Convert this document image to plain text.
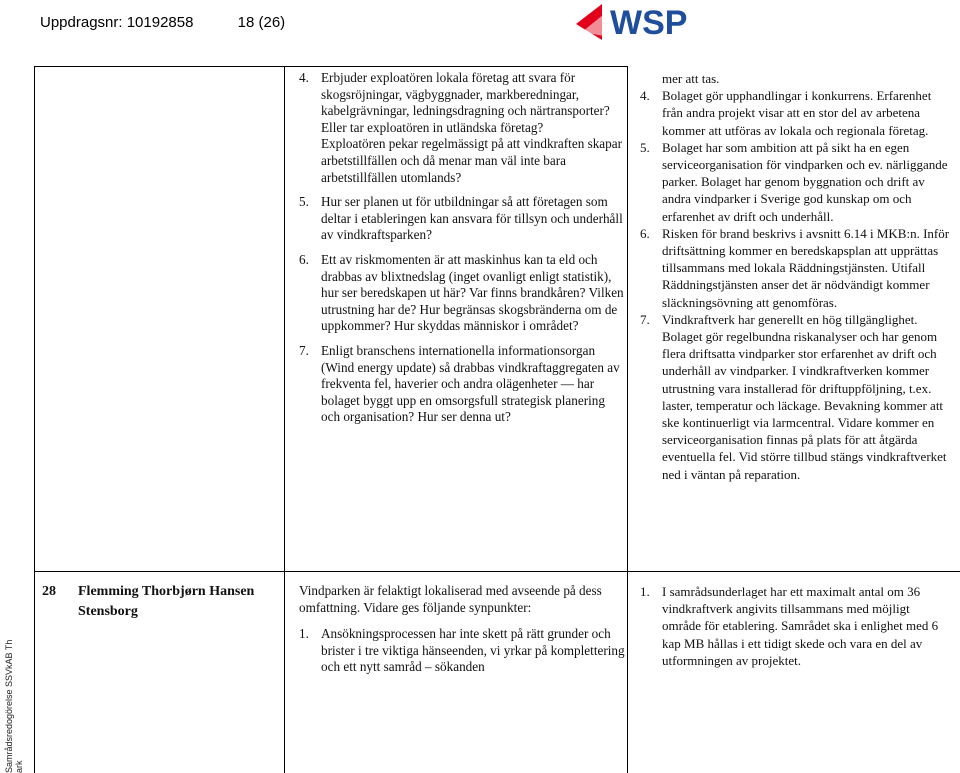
Uppdragsnr: 10192858	18 (26)	WSP
4. Erbjuder exploatören lokala företag att svara för skogsröjningar, vägbyggnader, markberedningar, kabelgrävningar, ledningsdragning och närtransporter? Eller tar exploatören in utländska företag?
Exploatören pekar regelmässigt på att vindkraften skapar arbetstillfällen och då menar man väl inte bara arbetstillfällen utomlands?
5. Hur ser planen ut för utbildningar så att företagen som deltar i etableringen kan ansvara för tillsyn och underhåll av vindkraftsparken?
6. Ett av riskmomenten är att maskinhus kan ta eld och drabbas av blixtnedslag (inget ovanligt enligt statistik), hur ser beredskapen ut här? Var finns brandkåren? Vilken utrustning har de? Hur begränsas skogsbränderna om de uppkommer? Hur skyddas människor i området?
7. Enligt branschens internationella informationsorgan (Wind energy update) så drabbas vindkraftaggregaten av frekventa fel, haverier och andra olägenheter — har bolaget byggt upp en omsorgsfull strategisk planering och organisation? Hur ser denna ut?
mer att tas.
4. Bolaget gör upphandlingar i konkurrens. Erfarenhet från andra projekt visar att en stor del av arbetena kommer att utföras av lokala och regionala företag.
5. Bolaget har som ambition att på sikt ha en egen serviceorganisation för vindparken och ev. närliggande parker. Bolaget har genom byggnation och drift av andra vindparker i Sverige god kunskap om och erfarenhet av drift och underhåll.
6. Risken för brand beskrivs i avsnitt 6.14 i MKB:n. Inför driftsättning kommer en beredskapsplan att upprättas tillsammans med lokala Räddningstjänsten. Utifall Räddningstjänsten anser det är nödvändigt kommer släckningsövning att genomföras.
7. Vindkraftverk har generellt en hög tillgänglighet. Bolaget gör regelbundna riskanalyser och har genom flera driftsatta vindparker stor erfarenhet av drift och underhåll av vindparker. I vindkraftverken kommer utrustning vara installerad för driftuppföljning, t.ex. laster, temperatur och läckage. Bevakning kommer att ske kontinuerligt via larmcentral. Vidare kommer en serviceorganisation finnas på plats för att åtgärda eventuella fel. Vid större tillbud stängs vindkraftverket ned i väntan på reparation.
28 Flemming Thorbjørn Hansen
Stensborg
Vindparken är felaktigt lokaliserad med avseende på dess omfattning. Vidare ges följande synpunkter:
1. Ansökningsprocessen har inte skett på rätt grunder och brister i tre viktiga hänseenden, vi yrkar på komplettering och ett nytt samråd – sökanden
1. I samrådsunderlaget har ett maximalt antal om 36 vindkraftverk angivits tillsammans med möjligt område för etablering. Samrådet ska i enlighet med 6 kap MB hållas i ett tidigt skede och vara en del av utformningen av projektet.
Samrådsredogörelse SSVkAB Th ark
